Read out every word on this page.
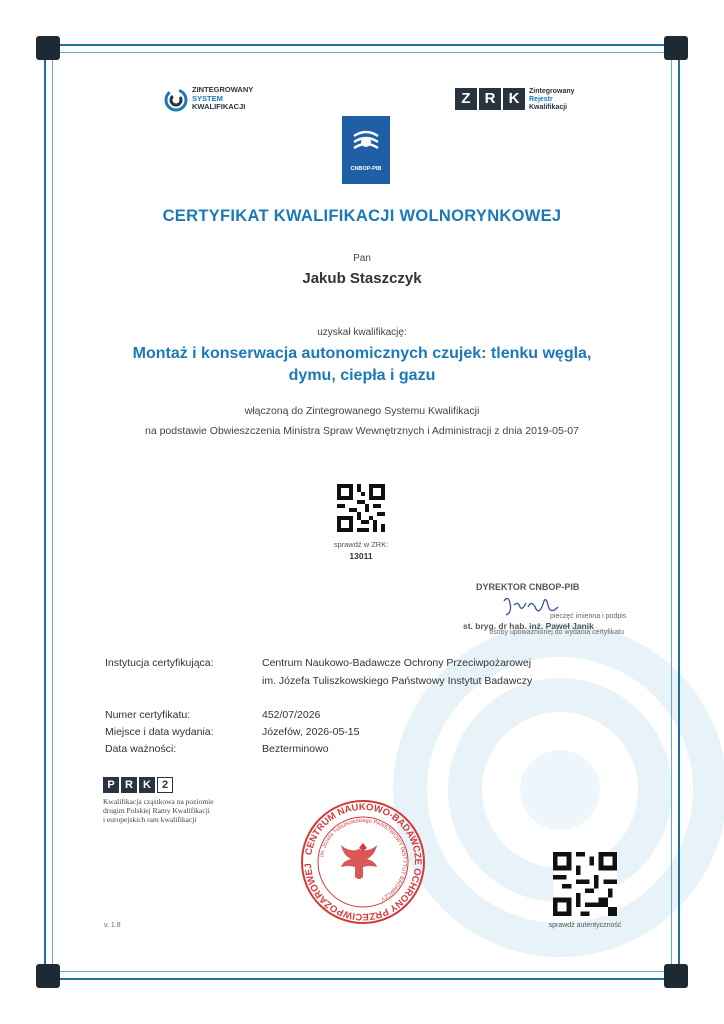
ZINTEGROWANY
SYSTEM
KWALIFIKACJI	Z R K	Zintegrowany
Rejestr
Kwalifikacji
CNBOP-PIB
CERTYFIKAT KWALIFIKACJI WOLNORYNKOWEJ
Pan
Jakub Staszczyk
uzyskał kwalifikację:
Montaż i konserwacja autonomicznych czujek: tlenku węgla,
dymu, ciepła i gazu
włączoną do Zintegrowanego Systemu Kwalifikacji
na podstawie Obwieszczenia Ministra Spraw Wewnętrznych i Administracji z dnia 2019-05-07
sprawdź w ZRK:
13011
DYREKTOR CNBOP-PIB
pieczęć imienna i podpis
st. bryg. dr hab. inż. Paweł Janik
osoby upoważnionej do wydania certyfikatu
Instytucja certyfikująca:	Centrum Naukowo-Badawcze Ochrony Przeciwpożarowej
im. Józefa Tuliszkowskiego Państwowy Instytut Badawczy
Numer certyfikatu:	452/07/2026
Miejsce i data wydania:	Józefów, 2026-05-15
Data ważności:	Bezterminowo
P R K 2
Kwalifikacja cząstkowa na poziomie
drugim Polskiej Ramy Kwalifikacji
i europejskich ram kwalifikacji
CENTRUM NAUKOWO-BADAWCZE OCHRONY PRZECIWPOŻAROWEJ
im. Józefa Tuliszkowskiego PAŃSTWOWY INSTYTUT BADAWCZY
sprawdź autentyczność
v. 1.8
